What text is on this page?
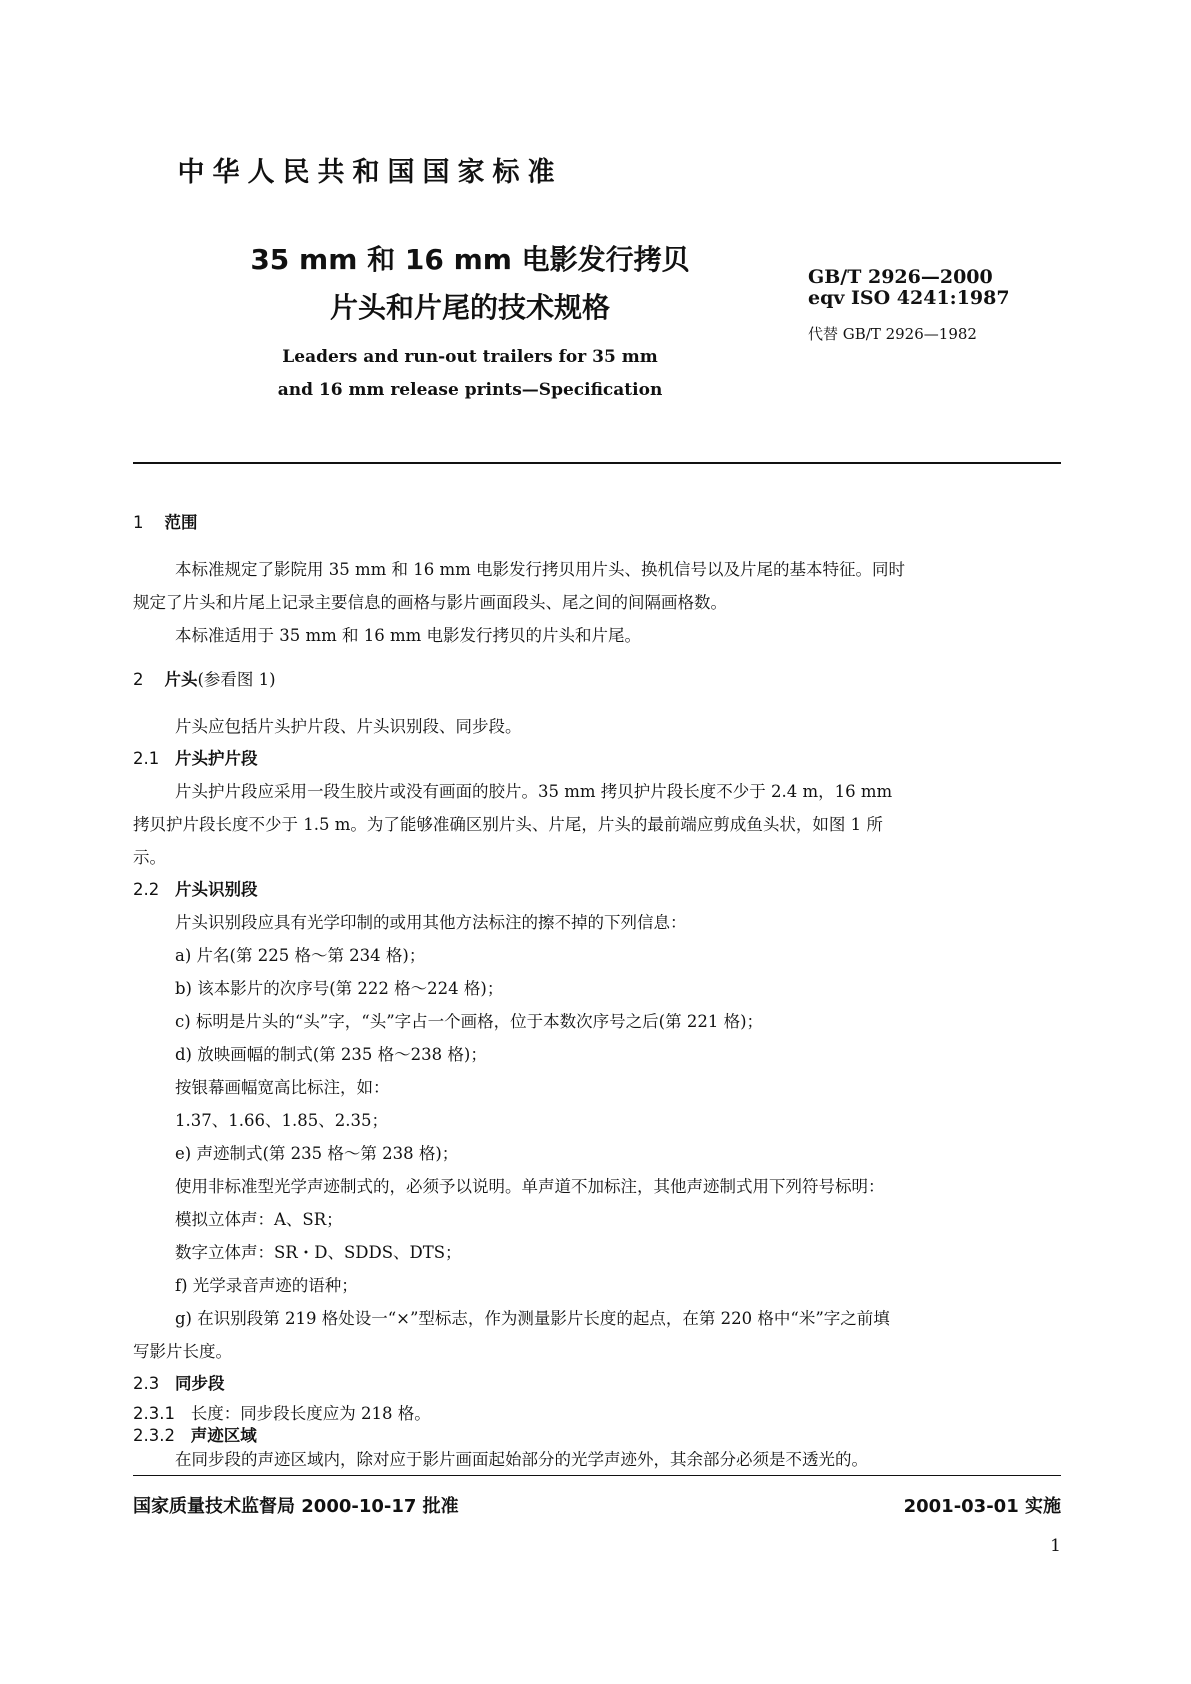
中华人民共和国国家标准
35 mm 和 16 mm 电影发行拷贝
片头和片尾的技术规格
Leaders and run-out trailers for 35 mm
and 16 mm release prints—Specification
GB/T 2926—2000
eqv ISO 4241:1987
代替 GB/T 2926—1982
1 范围
本标准规定了影院用 35 mm 和 16 mm 电影发行拷贝用片头、换机信号以及片尾的基本特征。同时
规定了片头和片尾上记录主要信息的画格与影片画面段头、尾之间的间隔画格数。
本标准适用于 35 mm 和 16 mm 电影发行拷贝的片头和片尾。
2 片头(参看图 1)
片头应包括片头护片段、片头识别段、同步段。
2.1 片头护片段
片头护片段应采用一段生胶片或没有画面的胶片。35 mm 拷贝护片段长度不少于 2.4 m，16 mm
拷贝护片段长度不少于 1.5 m。为了能够准确区别片头、片尾，片头的最前端应剪成鱼头状，如图 1 所
示。
2.2 片头识别段
片头识别段应具有光学印制的或用其他方法标注的擦不掉的下列信息：
a) 片名(第 225 格～第 234 格)；
b) 该本影片的次序号(第 222 格～224 格)；
c) 标明是片头的“头”字，“头”字占一个画格，位于本数次序号之后(第 221 格)；
d) 放映画幅的制式(第 235 格～238 格)；
按银幕画幅宽高比标注，如：
1.37、1.66、1.85、2.35；
e) 声迹制式(第 235 格～第 238 格)；
使用非标准型光学声迹制式的，必须予以说明。单声道不加标注，其他声迹制式用下列符号标明：
模拟立体声：A、SR；
数字立体声：SR・D、SDDS、DTS；
f) 光学录音声迹的语种；
g) 在识别段第 219 格处设一“×”型标志，作为测量影片长度的起点，在第 220 格中“米”字之前填
写影片长度。
2.3 同步段
2.3.1 长度：同步段长度应为 218 格。
2.3.2 声迹区域
在同步段的声迹区域内，除对应于影片画面起始部分的光学声迹外，其余部分必须是不透光的。
国家质量技术监督局 2000-10-17 批准	2001-03-01 实施
1
